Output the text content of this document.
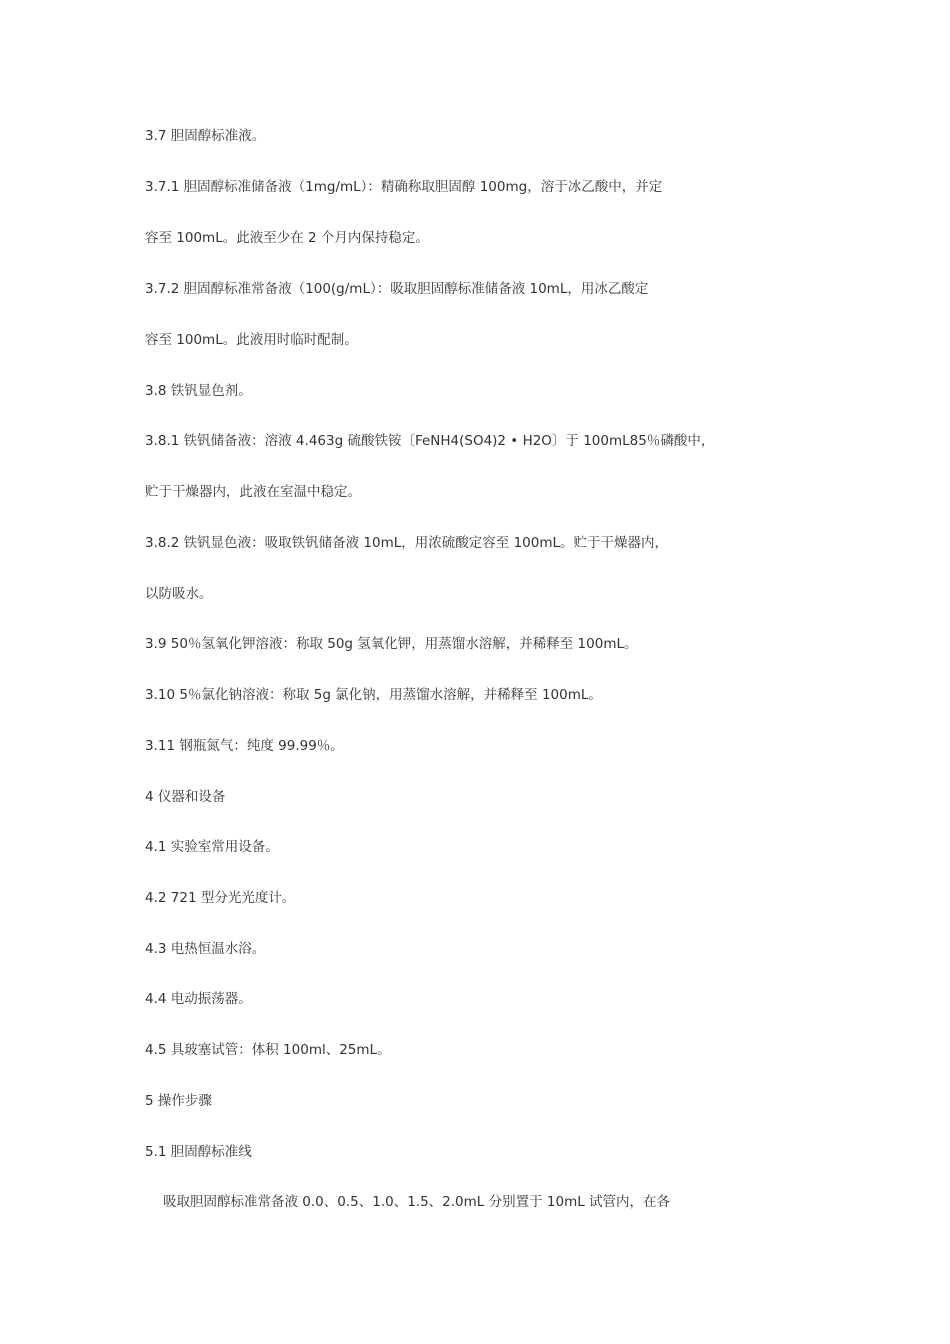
3.7 胆固醇标准液。
3.7.1 胆固醇标准储备液（1mg/mL）：精确称取胆固醇 100mg，溶于冰乙酸中，并定
容至 100mL。此液至少在 2 个月内保持稳定。
3.7.2 胆固醇标准常备液（100(g/mL）：吸取胆固醇标准储备液 10mL，用冰乙酸定
容至 100mL。此液用时临时配制。
3.8 铁钒显色剂。
3.8.1 铁钒储备液：溶液 4.463g 硫酸铁铵〔FeNH4(SO4)2 • H2O〕于 100mL85％磷酸中，
贮于干燥器内，此液在室温中稳定。
3.8.2 铁钒显色液：吸取铁钒储备液 10mL，用浓硫酸定容至 100mL。贮于干燥器内，
以防吸水。
3.9 50％氢氧化钾溶液：称取 50g 氢氧化钾，用蒸馏水溶解，并稀释至 100mL。
3.10 5％氯化钠溶液：称取 5g 氯化钠，用蒸馏水溶解，并稀释至 100mL。
3.11 钢瓶氮气：纯度 99.99％。
4 仪器和设备
4.1 实验室常用设备。
4.2 721 型分光光度计。
4.3 电热恒温水浴。
4.4 电动振荡器。
4.5 具玻塞试管：体积 100ml、25mL。
5 操作步骤
5.1 胆固醇标准线
吸取胆固醇标准常备液 0.0、0.5、1.0、1.5、2.0mL 分别置于 10mL 试管内，在各
